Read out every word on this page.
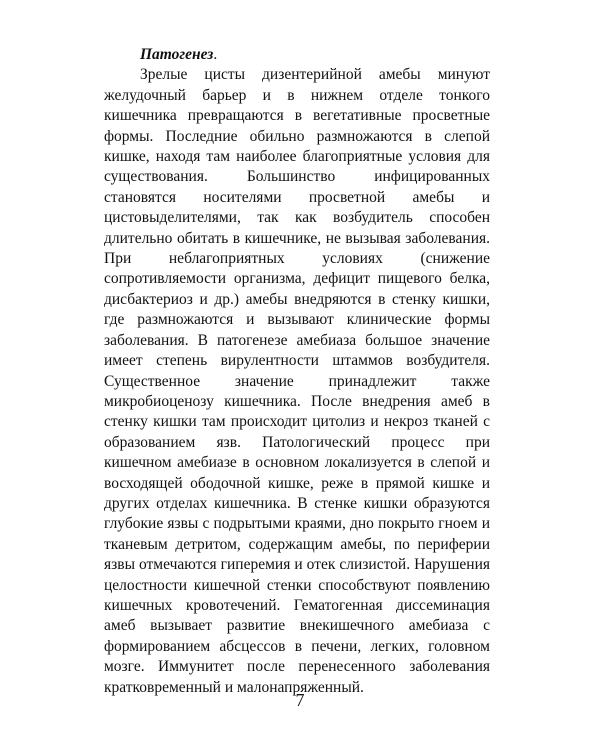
Патогенез.

Зрелые цисты дизентерийной амебы минуют желудочный барьер и в нижнем отделе тонкого кишечника превращаются в вегетативные просветные формы. Последние обильно размножаются в слепой кишке, находя там наиболее благоприятные условия для существования. Большинство инфицированных становятся носителями просветной амебы и цистовыделителями, так как возбудитель способен длительно обитать в кишечнике, не вызывая заболевания. При неблагоприятных условиях (снижение сопротивляемости организма, дефицит пищевого белка, дисбактериоз и др.) амебы внедряются в стенку кишки, где размножаются и вызывают клинические формы заболевания. В патогенезе амебиаза большое значение имеет степень вирулентности штаммов возбудителя. Существенное значение принадлежит также микробиоценозу кишечника. После внедрения амеб в стенку кишки там происходит цитолиз и некроз тканей с образованием язв. Патологический процесс при кишечном амебиазе в основном локализуется в слепой и восходящей ободочной кишке, реже в прямой кишке и других отделах кишечника. В стенке кишки образуются глубокие язвы с подрытыми краями, дно покрыто гноем и тканевым детритом, содержащим амебы, по периферии язвы отмечаются гиперемия и отек слизистой. Нарушения целостности кишечной стенки способствуют появлению кишечных кровотечений. Гематогенная диссеминация амеб вызывает развитие внекишечного амебиаза с формированием абсцессов в печени, легких, головном мозге. Иммунитет после перенесенного заболевания кратковременный и малонапряженный.

7
